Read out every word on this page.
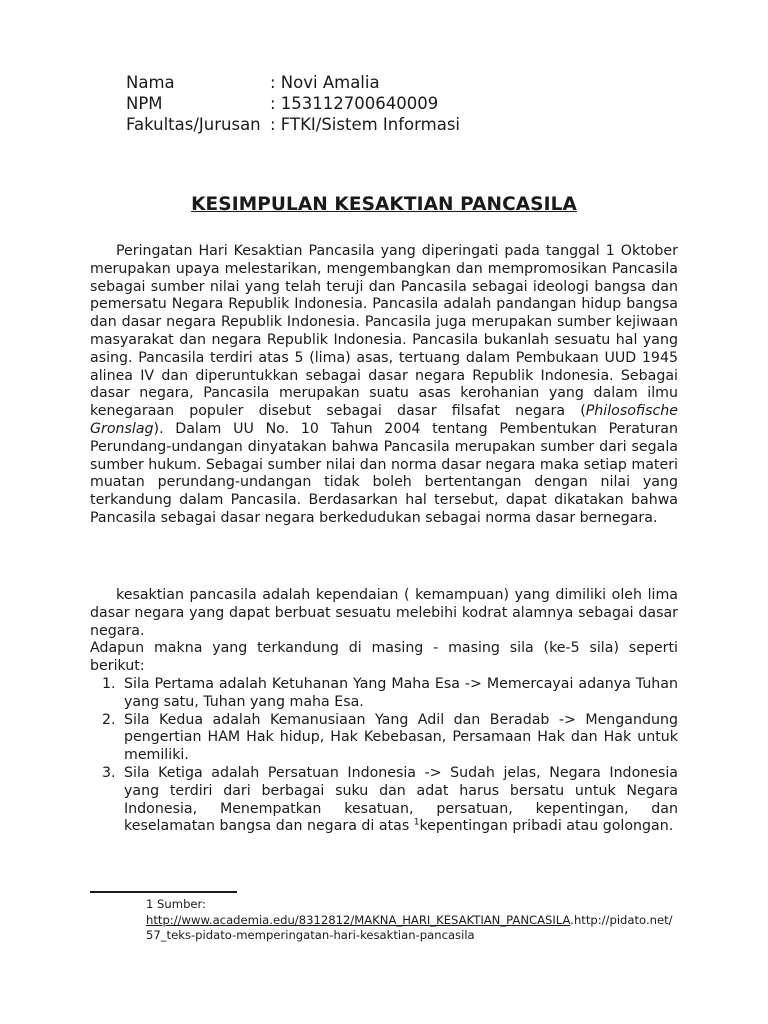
Nama	: Novi Amalia
NPM	: 153112700640009
Fakultas/Jurusan : FTKI/Sistem Informasi
KESIMPULAN KESAKTIAN PANCASILA

Peringatan Hari Kesaktian Pancasila yang diperingati pada tanggal 1 Oktober merupakan upaya melestarikan, mengembangkan dan mempromosikan Pancasila sebagai sumber nilai yang telah teruji dan Pancasila sebagai ideologi bangsa dan pemersatu Negara Republik Indonesia. Pancasila adalah pandangan hidup bangsa dan dasar negara Republik Indonesia. Pancasila juga merupakan sumber kejiwaan masyarakat dan negara Republik Indonesia. Pancasila bukanlah sesuatu hal yang asing. Pancasila terdiri atas 5 (lima) asas, tertuang dalam Pembukaan UUD 1945 alinea IV dan diperuntukkan sebagai dasar negara Republik Indonesia. Sebagai dasar negara, Pancasila merupakan suatu asas kerohanian yang dalam ilmu kenegaraan populer disebut sebagai dasar filsafat negara (Philosofische Gronslag). Dalam UU No. 10 Tahun 2004 tentang Pembentukan Peraturan Perundang-undangan dinyatakan bahwa Pancasila merupakan sumber dari segala sumber hukum. Sebagai sumber nilai dan norma dasar negara maka setiap materi muatan perundang-undangan tidak boleh bertentangan dengan nilai yang terkandung dalam Pancasila. Berdasarkan hal tersebut, dapat dikatakan bahwa Pancasila sebagai dasar negara berkedudukan sebagai norma dasar bernegara.

kesaktian pancasila adalah kependaian ( kemampuan) yang dimiliki oleh lima dasar negara yang dapat berbuat sesuatu melebihi kodrat alamnya sebagai dasar negara.

Adapun makna yang terkandung di masing - masing sila (ke-5 sila) seperti berikut:

1. Sila Pertama adalah Ketuhanan Yang Maha Esa -> Memercayai adanya Tuhan yang satu, Tuhan yang maha Esa.
2. Sila Kedua adalah Kemanusiaan Yang Adil dan Beradab -> Mengandung pengertian HAM Hak hidup, Hak Kebebasan, Persamaan Hak dan Hak untuk memiliki.
3. Sila Ketiga adalah Persatuan Indonesia -> Sudah jelas, Negara Indonesia yang terdiri dari berbagai suku dan adat harus bersatu untuk Negara Indonesia, Menempatkan kesatuan, persatuan, kepentingan, dan keselamatan bangsa dan negara di atas $^1$kepentingan pribadi atau golongan.
1 Sumber:
http://www.academia.edu/8312812/MAKNA_HARI_KESAKTIAN_PANCASILA.http://pidato.net/57_teks-pidato-memperingatan-hari-kesaktian-pancasila
